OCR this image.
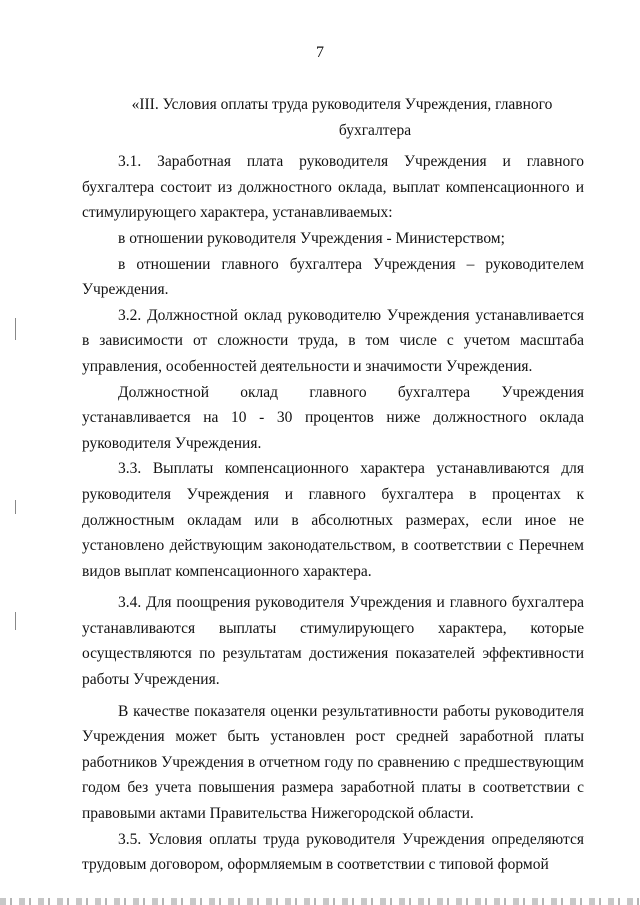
7
«III. Условия оплаты труда руководителя Учреждения, главного
бухгалтера

3.1. Заработная плата руководителя Учреждения и главного бухгалтера состоит из должностного оклада, выплат компенсационного и стимулирующего характера, устанавливаемых:

в отношении руководителя Учреждения - Министерством;

в отношении главного бухгалтера Учреждения – руководителем Учреждения.

3.2. Должностной оклад руководителю Учреждения устанавливается в зависимости от сложности труда, в том числе с учетом масштаба управления, особенностей деятельности и значимости Учреждения.

Должностной оклад главного бухгалтера Учреждения устанавливается на 10 - 30 процентов ниже должностного оклада руководителя Учреждения.

3.3. Выплаты компенсационного характера устанавливаются для руководителя Учреждения и главного бухгалтера в процентах к должностным окладам или в абсолютных размерах, если иное не установлено действующим законодательством, в соответствии с Перечнем видов выплат компенсационного характера.

3.4. Для поощрения руководителя Учреждения и главного бухгалтера устанавливаются выплаты стимулирующего характера, которые осуществляются по результатам достижения показателей эффективности работы Учреждения.

В качестве показателя оценки результативности работы руководителя Учреждения может быть установлен рост средней заработной платы работников Учреждения в отчетном году по сравнению с предшествующим годом без учета повышения размера заработной платы в соответствии с правовыми актами Правительства Нижегородской области.

3.5. Условия оплаты труда руководителя Учреждения определяются трудовым договором, оформляемым в соответствии с типовой формой
